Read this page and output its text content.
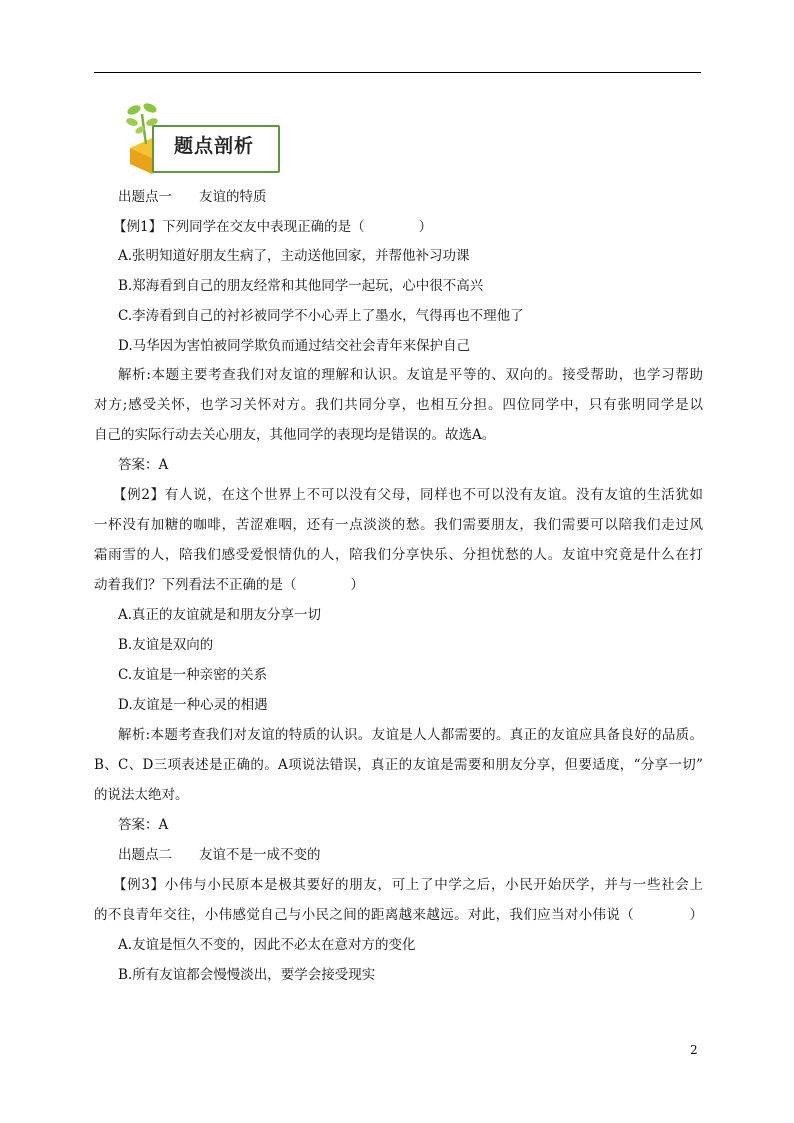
题点剖析
出题点一　　友谊的特质
【例1】下列同学在交友中表现正确的是（　　　　）
A.张明知道好朋友生病了，主动送他回家，并帮他补习功课
B.郑海看到自己的朋友经常和其他同学一起玩，心中很不高兴
C.李涛看到自己的衬衫被同学不小心弄上了墨水，气得再也不理他了
D.马华因为害怕被同学欺负而通过结交社会青年来保护自己
解析:本题主要考查我们对友谊的理解和认识。友谊是平等的、双向的。接受帮助，也学习帮助
对方;感受关怀，也学习关怀对方。我们共同分享，也相互分担。四位同学中，只有张明同学是以
自己的实际行动去关心朋友，其他同学的表现均是错误的。故选A。
答案：A
【例2】有人说，在这个世界上不可以没有父母，同样也不可以没有友谊。没有友谊的生活犹如
一杯没有加糖的咖啡，苦涩难咽，还有一点淡淡的愁。我们需要朋友，我们需要可以陪我们走过风
霜雨雪的人，陪我们感受爱恨情仇的人，陪我们分享快乐、分担忧愁的人。友谊中究竟是什么在打
动着我们？下列看法不正确的是（　　　　）
A.真正的友谊就是和朋友分享一切
B.友谊是双向的
C.友谊是一种亲密的关系
D.友谊是一种心灵的相遇
解析:本题考查我们对友谊的特质的认识。友谊是人人都需要的。真正的友谊应具备良好的品质。
B、C、D三项表述是正确的。A项说法错误，真正的友谊是需要和朋友分享，但要适度，“分享一切”
的说法太绝对。
答案：A
出题点二　　友谊不是一成不变的
【例3】小伟与小民原本是极其要好的朋友，可上了中学之后，小民开始厌学，并与一些社会上
的不良青年交往，小伟感觉自己与小民之间的距离越来越远。对此，我们应当对小伟说（　　　　）
A.友谊是恒久不变的，因此不必太在意对方的变化
B.所有友谊都会慢慢淡出，要学会接受现实
2
